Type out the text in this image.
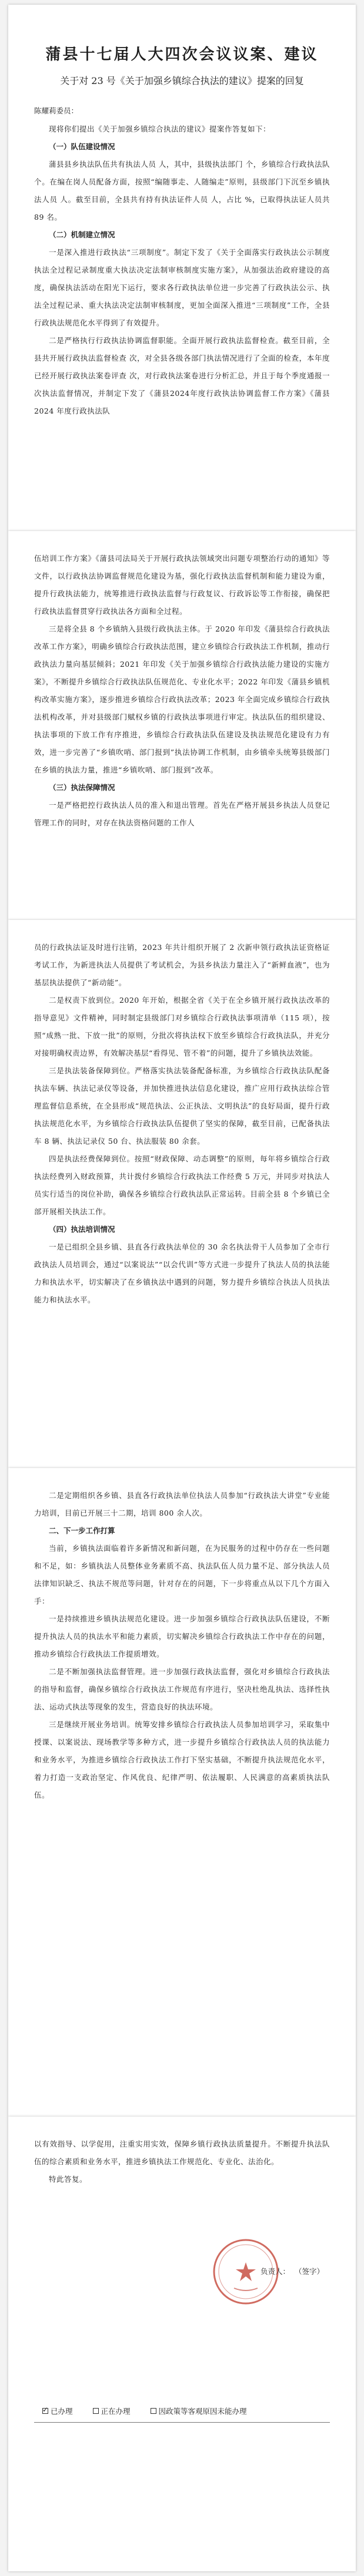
蒲县十七届人大四次会议议案、建议
关于对 23 号《关于加强乡镇综合执法的建议》提案的回复
陈耀莉委员：

现将你们提出《关于加强乡镇综合执法的建议》提案作答复如下：

（一）队伍建设情况

蒲县县乡执法队伍共有执法人员 人，其中，县级执法部门 个，乡镇综合行政执法队 个。在编在岗人员配备方面，按照“编随事走、人随编走”原则，县级部门下沉至乡镇执法人员 人。截至目前，全县共有持有执法证件人员 人，占比 %，已取得执法证人员共 89 名。

（二）机制建立情况

一是深入推进行政执法“三项制度”。制定下发了《关于全面落实行政执法公示制度执法全过程记录制度重大执法决定法制审核制度实施方案》，从加强法治政府建设的高度，确保执法活动在阳光下运行，要求各行政执法单位进一步完善了行政执法公示、执法全过程记录、重大执法决定法制审核制度，更加全面深入推进“三项制度”工作，全县行政执法规范化水平得到了有效提升。

二是严格执行行政执法协调监督职能。全面开展行政执法监督检查。截至目前，全县共开展行政执法监督检查 次，对全县各级各部门执法情况进行了全面的检查，本年度已经开展行政执法案卷评查 次，对行政执法案卷进行分析汇总，并且于每个季度通报一次执法监督情况，并制定下发了《蒲县2024年度行政执法协调监督工作方案》《蒲县 2024 年度行政执法队

伍培训工作方案》《蒲县司法局关于开展行政执法领域突出问题专项整治行动的通知》等文件，以行政执法协调监督规范化建设为基，强化行政执法监督机制和能力建设为重，提升行政执法能力，统筹推进行政执法监督与行政复议、行政诉讼等工作衔接，确保把行政执法监督贯穿行政执法各方面和全过程。

三是将全县 8 个乡镇纳入县级行政执法主体。于 2020 年印发《蒲县综合行政执法改革工作方案》，明确乡镇综合行政执法范围，建立乡镇综合行政执法工作机制，推动行政执法力量向基层倾斜；2021 年印发《关于加强乡镇综合行政执法能力建设的实施方案》，不断提升乡镇综合行政执法队伍规范化、专业化水平；2022 年印发《蒲县乡镇机构改革实施方案》，逐步推进乡镇综合行政执法改革；2023 年全面完成乡镇综合行政执法机构改革，并对县级部门赋权乡镇的行政执法事项进行审定。执法队伍的组织建设、执法事项的下放工作有序推进，乡镇综合行政执法队伍建设及执法规范化建设有力有效，进一步完善了“乡镇吹哨、部门报到”执法协调工作机制，由乡镇牵头统筹县级部门在乡镇的执法力量，推进“乡镇吹哨、部门报到”改革。

（三）执法保障情况

一是严格把控行政执法人员的准入和退出管理。首先在严格开展县乡执法人员登记管理工作的同时，对存在执法资格问题的工作人

员的行政执法证及时进行注销，2023 年共计组织开展了 2 次新申领行政执法证资格证考试工作，为新进执法人员提供了考试机会，为县乡执法力量注入了“新鲜血液”，也为基层执法提供了“新动能”。

二是权责下放到位。2020 年开始，根据全省《关于在全乡镇开展行政执法改革的指导意见》文件精神，同时制定县级部门对乡镇综合行政执法事项清单（115 项），按照“成熟一批、下放一批”的原则，分批次将执法权下放至乡镇综合行政执法队，并充分对接明确权责边界，有效解决基层“看得见、管不着”的问题，提升了乡镇执法效能。

三是执法装备保障到位。严格落实执法装备配备标准，为乡镇综合行政执法队配备执法车辆、执法记录仪等设备，并加快推进执法信息化建设，推广应用行政执法综合管理监督信息系统，在全县形成“规范执法、公正执法、文明执法”的良好局面，提升行政执法规范化水平，为乡镇综合行政执法队伍提供了坚实的保障，截至目前，已配备执法车 8 辆、执法记录仪 50 台、执法服装 80 余套。

四是执法经费保障到位。按照“财政保障、动态调整”的原则，每年将乡镇综合行政执法经费列入财政预算，共计拨付乡镇综合行政执法工作经费 5 万元，并同步对执法人员实行适当的岗位补助，确保各乡镇综合行政执法队正常运转。目前全县 8 个乡镇已全部开展相关执法工作。

（四）执法培训情况

一是已组织全县乡镇、县直各行政执法单位的 30 余名执法骨干人员参加了全市行政执法人员培训会，通过“以案说法”“以会代训”等方式进一步提升了执法人员的执法能力和执法水平，切实解决了在乡镇执法中遇到的问题，努力提升乡镇综合执法人员执法能力和执法水平。

二是定期组织各乡镇、县直各行政执法单位执法人员参加“行政执法大讲堂”专业能力培训，目前已开展三十二期，培训 800 余人次。

二、下一步工作打算

当前，乡镇执法面临着许多新情况和新问题，在为民服务的过程中仍存在一些问题和不足，如：乡镇执法人员整体业务素质不高、执法队伍人员力量不足、部分执法人员法律知识缺乏、执法不规范等问题，针对存在的问题，下一步将重点从以下几个方面入手：

一是持续推进乡镇执法规范化建设。进一步加强乡镇综合行政执法队伍建设，不断提升执法人员的执法水平和能力素质，切实解决乡镇综合行政执法工作中存在的问题，推动乡镇综合行政执法工作提质增效。

二是不断加强执法监督管理。进一步加强行政执法监督，强化对乡镇综合行政执法的指导和监督，确保乡镇综合行政执法工作规范有序进行，坚决杜绝乱执法、选择性执法、运动式执法等现象的发生，营造良好的执法环境。

三是继续开展业务培训。统筹安排乡镇综合行政执法人员参加培训学习，采取集中授课、以案说法、现场教学等多种方式，进一步提升乡镇综合行政执法人员的执法能力和业务水平，为推进乡镇综合行政执法工作打下坚实基础，不断提升执法规范化水平，着力打造一支政治坚定、作风优良、纪律严明、依法履职、人民满意的高素质执法队伍。

以有效指导、以学促用，注重实用实效，保障乡镇行政执法质量提升。不断提升执法队伍的综合素质和业务水平，推进乡镇执法工作规范化、专业化、法治化。

特此答复。

负责人： （签字）
✓
已办理	正在办理	因政策等客观原因未能办理
